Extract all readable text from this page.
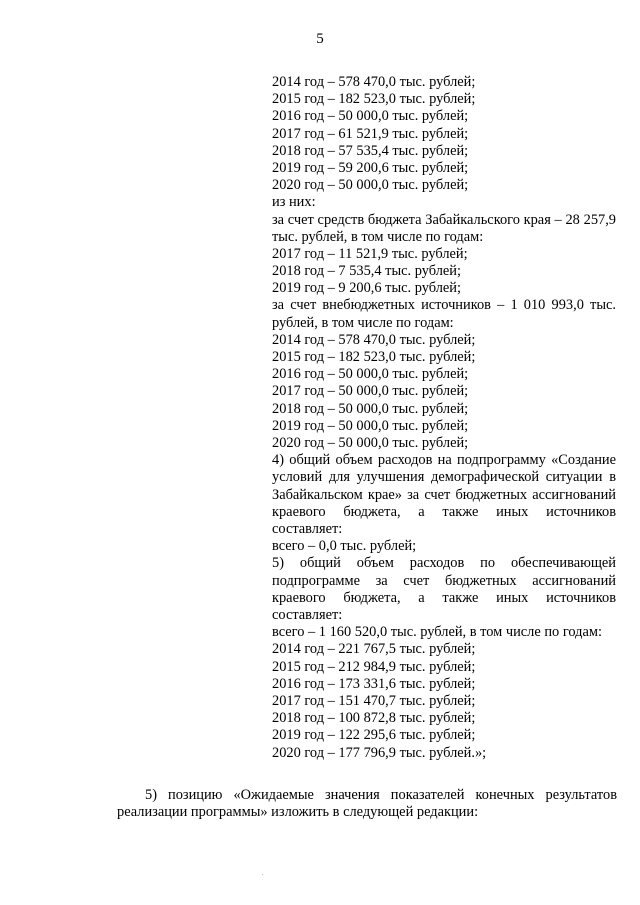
5
2014 год – 578 470,0 тыс. рублей;
2015 год – 182 523,0 тыс. рублей;
2016 год – 50 000,0 тыс. рублей;
2017 год – 61 521,9 тыс. рублей;
2018 год – 57 535,4 тыс. рублей;
2019 год – 59 200,6 тыс. рублей;
2020 год – 50 000,0 тыс. рублей;
из них:
за счет средств бюджета Забайкальского края – 28 257,9 тыс. рублей, в том числе по годам:
2017 год – 11 521,9 тыс. рублей;
2018 год – 7 535,4 тыс. рублей;
2019 год – 9 200,6 тыс. рублей;
за счет внебюджетных источников – 1 010 993,0 тыс. рублей, в том числе по годам:
2014 год – 578 470,0 тыс. рублей;
2015 год – 182 523,0 тыс. рублей;
2016 год – 50 000,0 тыс. рублей;
2017 год – 50 000,0 тыс. рублей;
2018 год – 50 000,0 тыс. рублей;
2019 год – 50 000,0 тыс. рублей;
2020 год – 50 000,0 тыс. рублей;
4) общий объем расходов на подпрограмму «Создание условий для улучшения демографической ситуации в Забайкальском крае» за счет бюджетных ассигнований краевого бюджета, а также иных источников составляет:
всего – 0,0 тыс. рублей;
5) общий объем расходов по обеспечивающей подпрограмме за счет бюджетных ассигнований краевого бюджета, а также иных источников составляет:
всего – 1 160 520,0 тыс. рублей, в том числе по годам:
2014 год – 221 767,5 тыс. рублей;
2015 год – 212 984,9 тыс. рублей;
2016 год – 173 331,6 тыс. рублей;
2017 год – 151 470,7 тыс. рублей;
2018 год – 100 872,8 тыс. рублей;
2019 год – 122 295,6 тыс. рублей;
2020 год – 177 796,9 тыс. рублей.»;
5) позицию «Ожидаемые значения показателей конечных результатов реализации программы» изложить в следующей редакции:
